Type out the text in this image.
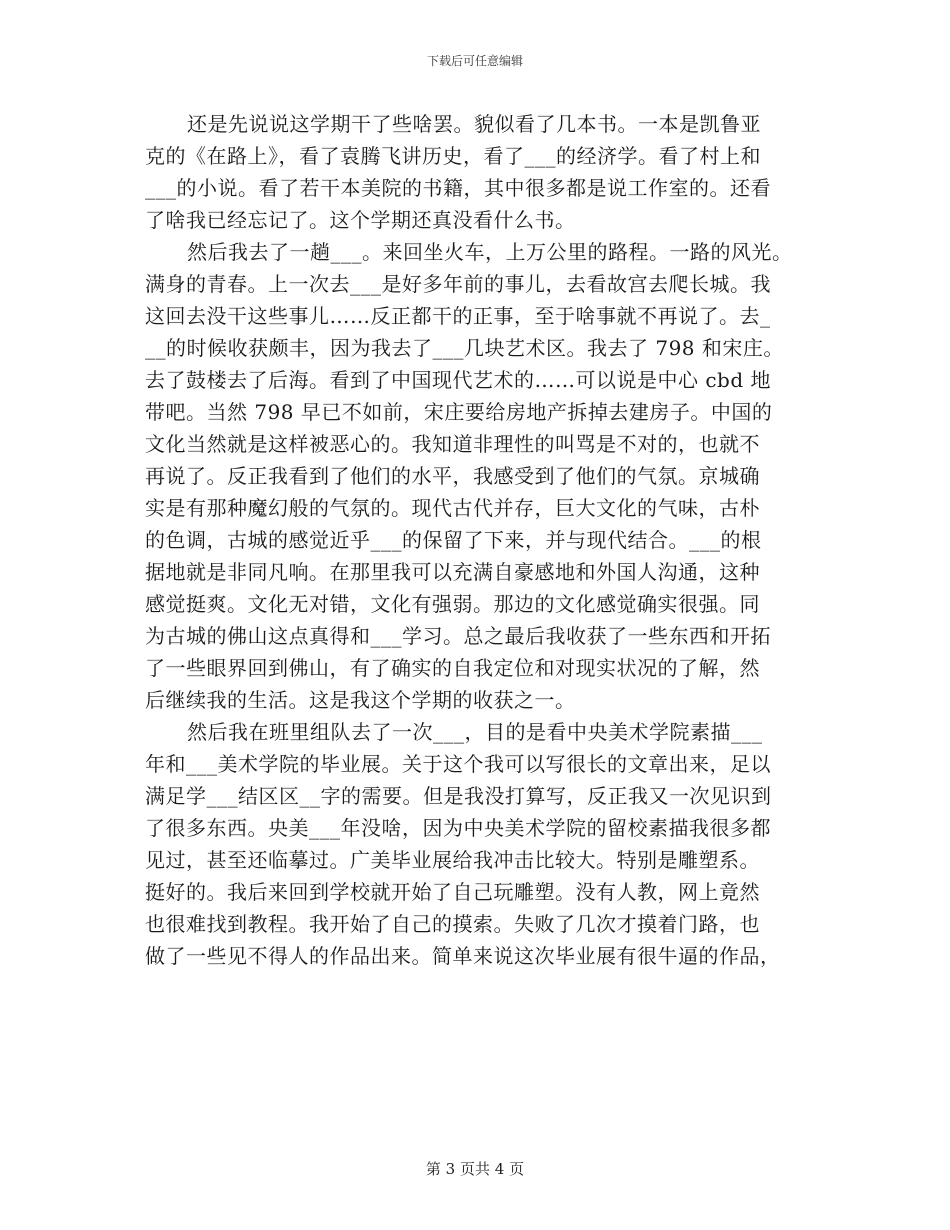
下载后可任意编辑
还是先说说这学期干了些啥罢。貌似看了几本书。一本是凯鲁亚
克的《在路上》，看了袁腾飞讲历史，看了___的经济学。看了村上和
___的小说。看了若干本美院的书籍，其中很多都是说工作室的。还看
了啥我已经忘记了。这个学期还真没看什么书。
然后我去了一趟___。来回坐火车，上万公里的路程。一路的风光。
满身的青春。上一次去___是好多年前的事儿，去看故宫去爬长城。我
这回去没干这些事儿……反正都干的正事，至于啥事就不再说了。去_
__的时候收获颇丰，因为我去了___几块艺术区。我去了 798 和宋庄。
去了鼓楼去了后海。看到了中国现代艺术的……可以说是中心 cbd 地
带吧。当然 798 早已不如前，宋庄要给房地产拆掉去建房子。中国的
文化当然就是这样被恶心的。我知道非理性的叫骂是不对的，也就不
再说了。反正我看到了他们的水平，我感受到了他们的气氛。京城确
实是有那种魔幻般的气氛的。现代古代并存，巨大文化的气味，古朴
的色调，古城的感觉近乎___的保留了下来，并与现代结合。___的根
据地就是非同凡响。在那里我可以充满自豪感地和外国人沟通，这种
感觉挺爽。文化无对错，文化有强弱。那边的文化感觉确实很强。同
为古城的佛山这点真得和___学习。总之最后我收获了一些东西和开拓
了一些眼界回到佛山，有了确实的自我定位和对现实状况的了解，然
后继续我的生活。这是我这个学期的收获之一。
然后我在班里组队去了一次___，目的是看中央美术学院素描___
年和___美术学院的毕业展。关于这个我可以写很长的文章出来，足以
满足学___结区区__字的需要。但是我没打算写，反正我又一次见识到
了很多东西。央美___年没啥，因为中央美术学院的留校素描我很多都
见过，甚至还临摹过。广美毕业展给我冲击比较大。特别是雕塑系。
挺好的。我后来回到学校就开始了自己玩雕塑。没有人教，网上竟然
也很难找到教程。我开始了自己的摸索。失败了几次才摸着门路，也
做了一些见不得人的作品出来。简单来说这次毕业展有很牛逼的作品，
第 3 页共 4 页
